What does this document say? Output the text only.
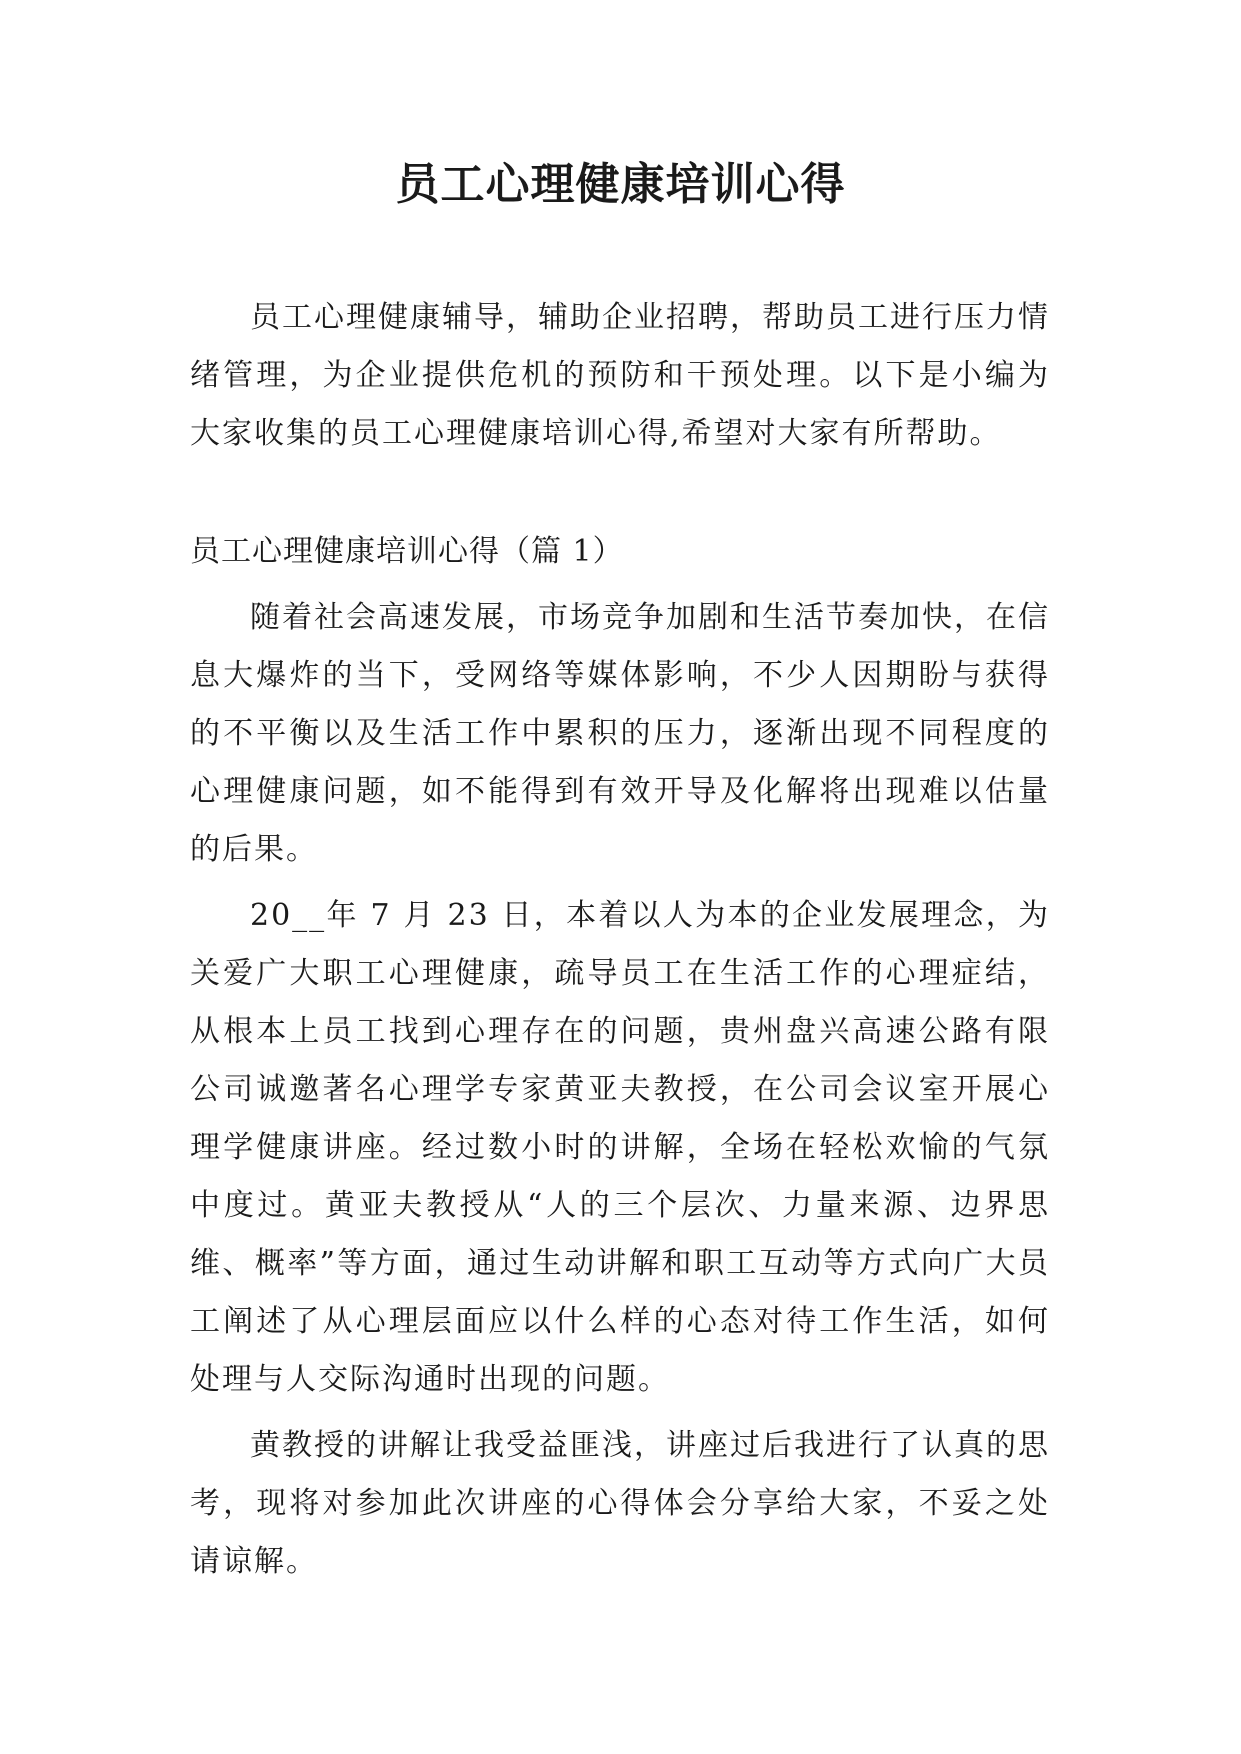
员工心理健康培训心得

员工心理健康辅导，辅助企业招聘，帮助员工进行压力情绪管理，为企业提供危机的预防和干预处理。以下是小编为大家收集的员工心理健康培训心得,希望对大家有所帮助。

员工心理健康培训心得（篇 1）

随着社会高速发展，市场竞争加剧和生活节奏加快，在信息大爆炸的当下，受网络等媒体影响，不少人因期盼与获得的不平衡以及生活工作中累积的压力，逐渐出现不同程度的心理健康问题，如不能得到有效开导及化解将出现难以估量的后果。

20__年 7 月 23 日，本着以人为本的企业发展理念，为关爱广大职工心理健康，疏导员工在生活工作的心理症结，从根本上员工找到心理存在的问题，贵州盘兴高速公路有限公司诚邀著名心理学专家黄亚夫教授，在公司会议室开展心理学健康讲座。经过数小时的讲解，全场在轻松欢愉的气氛中度过。黄亚夫教授从“人的三个层次、力量来源、边界思维、概率”等方面，通过生动讲解和职工互动等方式向广大员工阐述了从心理层面应以什么样的心态对待工作生活，如何处理与人交际沟通时出现的问题。

黄教授的讲解让我受益匪浅，讲座过后我进行了认真的思考，现将对参加此次讲座的心得体会分享给大家，不妥之处请谅解。
